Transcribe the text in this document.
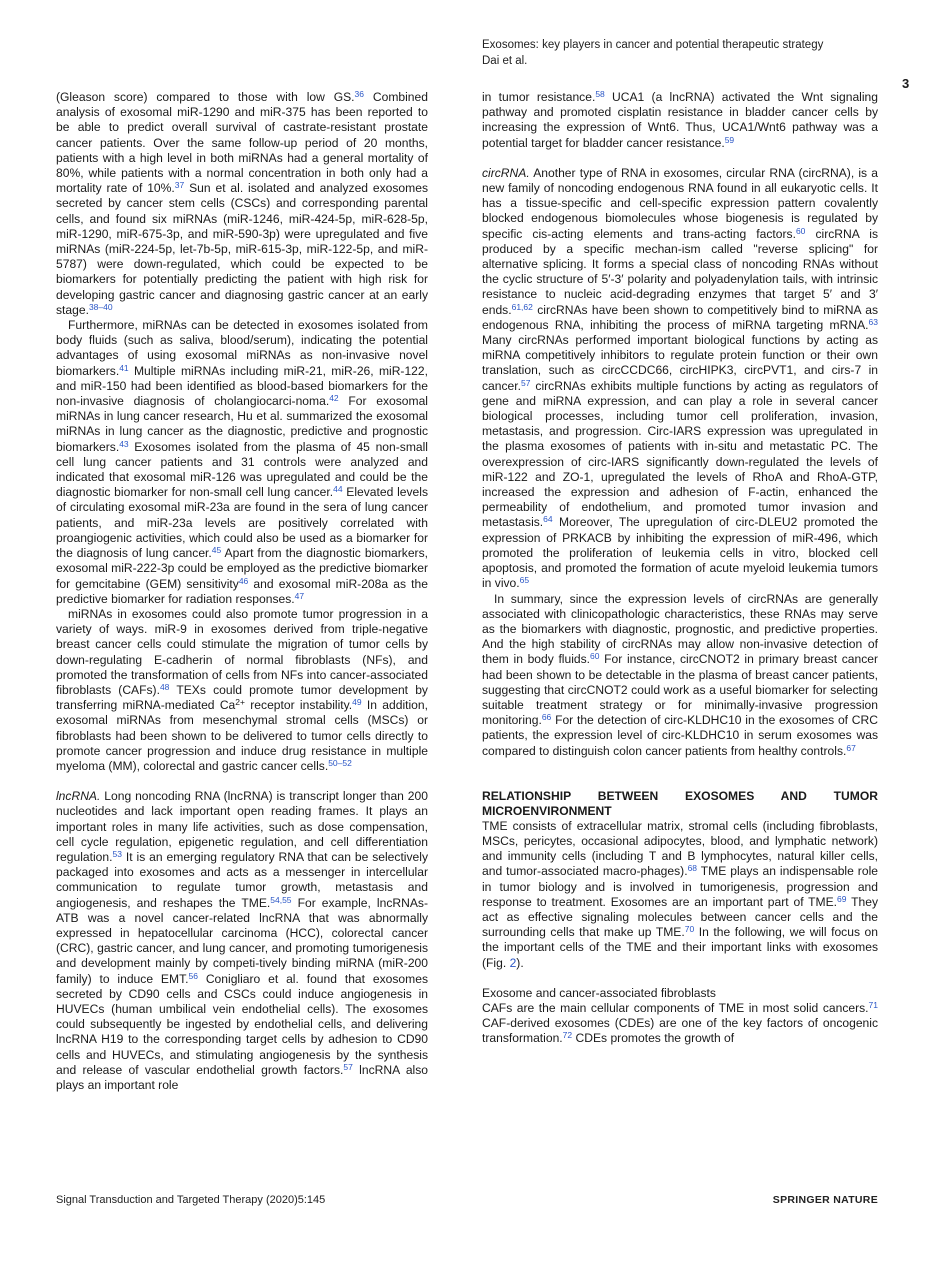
Exosomes: key players in cancer and potential therapeutic strategy
Dai et al.
3

(Gleason score) compared to those with low GS.$^{36}$ Combined analysis of exosomal miR-1290 and miR-375 has been reported to be able to predict overall survival of castrate-resistant prostate cancer patients. Over the same follow-up period of 20 months, patients with a high level in both miRNAs had a general mortality of 80%, while patients with a normal concentration in both only had a mortality rate of 10%.$^{37}$ Sun et al. isolated and analyzed exosomes secreted by cancer stem cells (CSCs) and corresponding parental cells, and found six miRNAs (miR-1246, miR-424-5p, miR-628-5p, miR-1290, miR-675-3p, and miR-590-3p) were upregulated and five miRNAs (miR-224-5p, let-7b-5p, miR-615-3p, miR-122-5p, and miR-5787) were down-regulated, which could be expected to be biomarkers for potentially predicting the patient with high risk for developing gastric cancer and diagnosing gastric cancer at an early stage.$^{38-40}$

Furthermore, miRNAs can be detected in exosomes isolated from body fluids (such as saliva, blood/serum), indicating the potential advantages of using exosomal miRNAs as non-invasive novel biomarkers.$^{41}$ Multiple miRNAs including miR-21, miR-26, miR-122, and miR-150 had been identified as blood-based biomarkers for the non-invasive diagnosis of cholangiocarci-noma.$^{42}$ For exosomal miRNAs in lung cancer research, Hu et al. summarized the exosomal miRNAs in lung cancer as the diagnostic, predictive and prognostic biomarkers.$^{43}$ Exosomes isolated from the plasma of 45 non-small cell lung cancer patients and 31 controls were analyzed and indicated that exosomal miR-126 was upregulated and could be the diagnostic biomarker for non-small cell lung cancer.$^{44}$ Elevated levels of circulating exosomal miR-23a are found in the sera of lung cancer patients, and miR-23a levels are positively correlated with proangiogenic activities, which could also be used as a biomarker for the diagnosis of lung cancer.$^{45}$ Apart from the diagnostic biomarkers, exosomal miR-222-3p could be employed as the predictive biomarker for gemcitabine (GEM) sensitivity$^{46}$ and exosomal miR-208a as the predictive biomarker for radiation responses.$^{47}$

miRNAs in exosomes could also promote tumor progression in a variety of ways. miR-9 in exosomes derived from triple-negative breast cancer cells could stimulate the migration of tumor cells by down-regulating E-cadherin of normal fibroblasts (NFs), and promoted the transformation of cells from NFs into cancer-associated fibroblasts (CAFs).$^{48}$ TEXs could promote tumor development by transferring miRNA-mediated $Ca^{2+}$ receptor instability.$^{49}$ In addition, exosomal miRNAs from mesenchymal stromal cells (MSCs) or fibroblasts had been shown to be delivered to tumor cells directly to promote cancer progression and induce drug resistance in multiple myeloma (MM), colorectal and gastric cancer cells.$^{50-52}$

lncRNA. Long noncoding RNA (lncRNA) is transcript longer than 200 nucleotides and lack important open reading frames. It plays an important roles in many life activities, such as dose compensation, cell cycle regulation, epigenetic regulation, and cell differentiation regulation.$^{53}$ It is an emerging regulatory RNA that can be selectively packaged into exosomes and acts as a messenger in intercellular communication to regulate tumor growth, metastasis and angiogenesis, and reshapes the TME.$^{54,55}$ For example, lncRNAs-ATB was a novel cancer-related lncRNA that was abnormally expressed in hepatocellular carcinoma (HCC), colorectal cancer (CRC), gastric cancer, and lung cancer, and promoting tumorigenesis and development mainly by competi-tively binding miRNA (miR-200 family) to induce EMT.$^{56}$ Conigliaro et al. found that exosomes secreted by CD90 cells and CSCs could induce angiogenesis in HUVECs (human umbilical vein endothelial cells). The exosomes could subsequently be ingested by endothelial cells, and delivering lncRNA H19 to the corresponding target cells by adhesion to CD90 cells and HUVECs, and stimulating angiogenesis by the synthesis and release of vascular endothelial growth factors.$^{57}$ lncRNA also plays an important role

in tumor resistance.$^{58}$ UCA1 (a lncRNA) activated the Wnt signaling pathway and promoted cisplatin resistance in bladder cancer cells by increasing the expression of Wnt6. Thus, UCA1/Wnt6 pathway was a potential target for bladder cancer resistance.$^{59}$

circRNA. Another type of RNA in exosomes, circular RNA (circRNA), is a new family of noncoding endogenous RNA found in all eukaryotic cells. It has a tissue-specific and cell-specific expression pattern covalently blocked endogenous biomolecules whose biogenesis is regulated by specific cis-acting elements and trans-acting factors.$^{60}$ circRNA is produced by a specific mechan-ism called "reverse splicing" for alternative splicing. It forms a special class of noncoding RNAs without the cyclic structure of 5′-3′ polarity and polyadenylation tails, with intrinsic resistance to nucleic acid-degrading enzymes that target 5′ and 3′ ends.$^{61,62}$ circRNAs have been shown to competitively bind to miRNA as endogenous RNA, inhibiting the process of miRNA targeting mRNA.$^{63}$ Many circRNAs performed important biological functions by acting as miRNA competitively inhibitors to regulate protein function or their own translation, such as circCCDC66, circHIPK3, circPVT1, and cirs-7 in cancer.$^{57}$ circRNAs exhibits multiple functions by acting as regulators of gene and miRNA expression, and can play a role in several cancer biological processes, including tumor cell proliferation, invasion, metastasis, and progression. Circ-IARS expression was upregulated in the plasma exosomes of patients with in-situ and metastatic PC. The overexpression of circ-IARS significantly down-regulated the levels of miR-122 and ZO-1, upregulated the levels of RhoA and RhoA-GTP, increased the expression and adhesion of F-actin, enhanced the permeability of endothelium, and promoted tumor invasion and metastasis.$^{64}$ Moreover, The upregulation of circ-DLEU2 promoted the expression of PRKACB by inhibiting the expression of miR-496, which promoted the proliferation of leukemia cells in vitro, blocked cell apoptosis, and promoted the formation of acute myeloid leukemia tumors in vivo.$^{65}$

In summary, since the expression levels of circRNAs are generally associated with clinicopathologic characteristics, these RNAs may serve as the biomarkers with diagnostic, prognostic, and predictive properties. And the high stability of circRNAs may allow non-invasive detection of them in body fluids.$^{60}$ For instance, circCNOT2 in primary breast cancer had been shown to be detectable in the plasma of breast cancer patients, suggesting that circCNOT2 could work as a useful biomarker for selecting suitable treatment strategy or for minimally-invasive progression monitoring.$^{66}$ For the detection of circ-KLDHC10 in the exosomes of CRC patients, the expression level of circ-KLDHC10 in serum exosomes was compared to distinguish colon cancer patients from healthy controls.$^{67}$

RELATIONSHIP BETWEEN EXOSOMES AND TUMOR MICROENVIRONMENT

TME consists of extracellular matrix, stromal cells (including fibroblasts, MSCs, pericytes, occasional adipocytes, blood, and lymphatic network) and immunity cells (including T and B lymphocytes, natural killer cells, and tumor-associated macro-phages).$^{68}$ TME plays an indispensable role in tumor biology and is involved in tumorigenesis, progression and response to treatment. Exosomes are an important part of TME.$^{69}$ They act as effective signaling molecules between cancer cells and the surrounding cells that make up TME.$^{70}$ In the following, we will focus on the important cells of the TME and their important links with exosomes (Fig. 2).

Exosome and cancer-associated fibroblasts

CAFs are the main cellular components of TME in most solid cancers.$^{71}$ CAF-derived exosomes (CDEs) are one of the key factors of oncogenic transformation.$^{72}$ CDEs promotes the growth of

Signal Transduction and Targeted Therapy (2020)5:145	SPRINGER NATURE
